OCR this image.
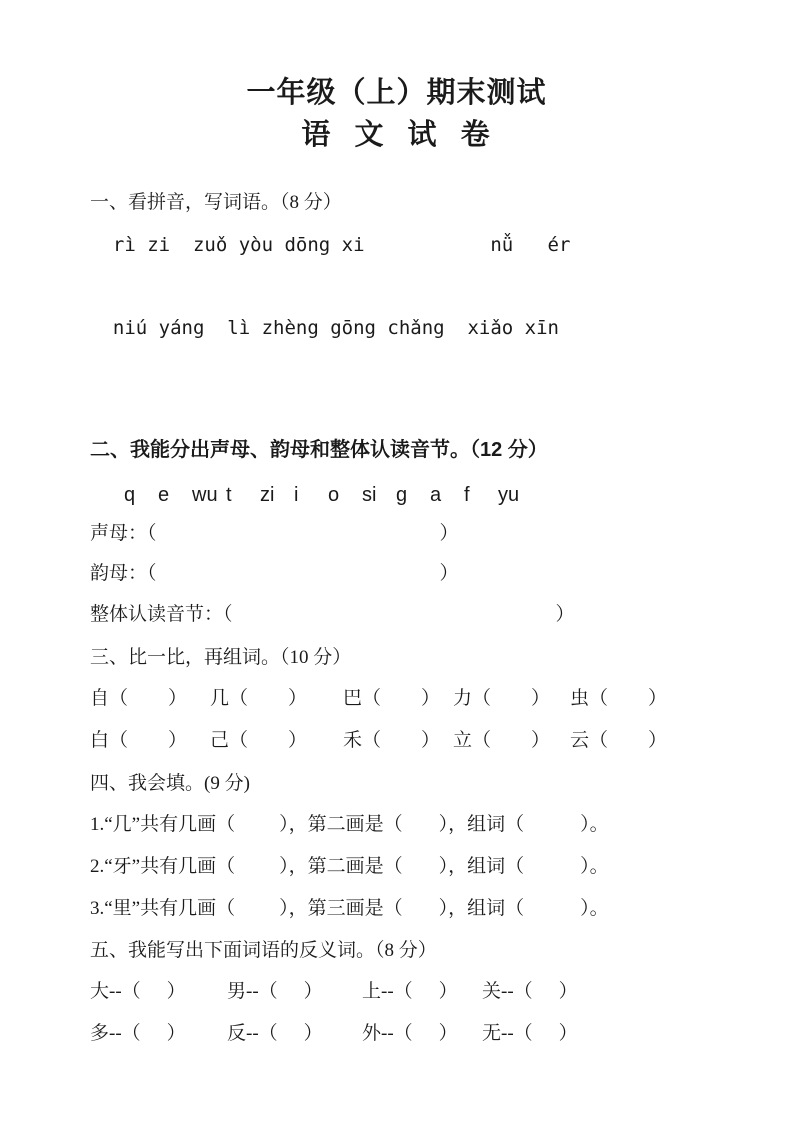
一年级（上）期末测试
语 文 试 卷
一、看拼音，写词语。（8 分）
rì zi  zuǒ yòu dōng xi           nǚ   ér
niú yáng  lì zhèng gōng chǎng  xiǎo xīn
二、我能分出声母、韵母和整体认读音节。（12 分）
q	e	wu t	zi i	o	si g	a	f	yu
声母：（	）
韵母：（	）
整体认读音节：（	）
三、比一比，再组词。（10 分）
自（ ） 几（ ） 巴（ ） 力（ ） 虫（ ）
白（ ） 己（ ） 禾（ ） 立（ ） 云（ ）
四、我会填。(9 分)
1.“几”共有几画（ ），第二画是（ ），组词（	）。
2.“牙”共有几画（ ），第二画是（ ），组词（	）。
3.“里”共有几画（ ），第三画是（ ），组词（	）。
五、我能写出下面词语的反义词。（8 分）
大--（ ） 男--（ ） 上--（ ） 关--（ ）
多--（ ） 反--（ ） 外--（ ） 无--（ ）
